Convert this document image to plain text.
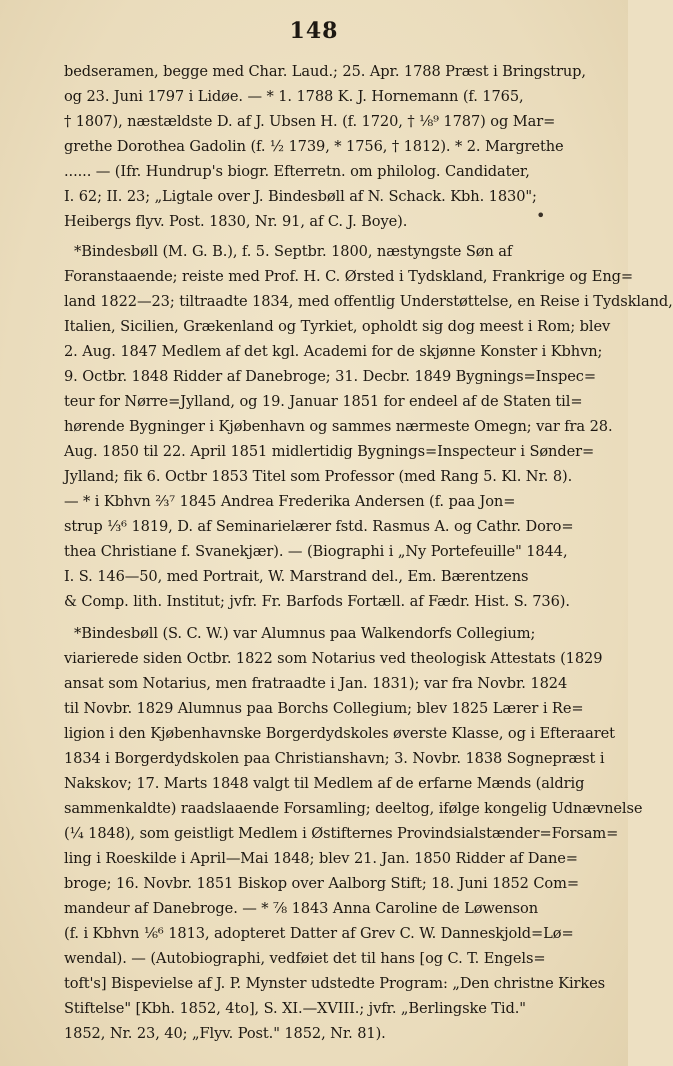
148
bedseramen, begge med Char. Laud.; 25. Apr. 1788 Præst i Bringstrup,
og 23. Juni 1797 i Lidøe. — * 1. 1788 K. J. Hornemann (f. 1765,
† 1807), næstældste D. af J. Ubsen H. (f. 1720, † ⅛⁹ 1787) og Mar=
grethe Dorothea Gadolin (f. ½ 1739, * 1756, † 1812). * 2. Margrethe
...... — (Ifr. Hundrup's biogr. Efterretn. om philolog. Candidater,
I. 62; II. 23; „Ligtale over J. Bindesbøll af N. Schack. Kbh. 1830";
Heibergs flyv. Post. 1830, Nr. 91, af C. J. Boye).
*Bindesbøll (M. G. B.), f. 5. Septbr. 1800, næstyngste Søn af
Foranstaaende; reiste med Prof. H. C. Ørsted i Tydskland, Frankrige og Eng=
land 1822—23; tiltraadte 1834, med offentlig Understøttelse, en Reise i Tydskland,
Italien, Sicilien, Grækenland og Tyrkiet, opholdt sig dog meest i Rom; blev
2. Aug. 1847 Medlem af det kgl. Academi for de skjønne Konster i Kbhvn;
9. Octbr. 1848 Ridder af Danebroge; 31. Decbr. 1849 Bygnings=Inspec=
teur for Nørre=Jylland, og 19. Januar 1851 for endeel af de Staten til=
hørende Bygninger i Kjøbenhavn og sammes nærmeste Omegn; var fra 28.
Aug. 1850 til 22. April 1851 midlertidig Bygnings=Inspecteur i Sønder=
Jylland; fik 6. Octbr 1853 Titel som Professor (med Rang 5. Kl. Nr. 8).
— * i Kbhvn ⅔⁷ 1845 Andrea Frederika Andersen (f. paa Jon=
strup ⅓⁶ 1819, D. af Seminarielærer fstd. Rasmus A. og Cathr. Doro=
thea Christiane f. Svanekjær). — (Biographi i „Ny Portefeuille" 1844,
I. S. 146—50, med Portrait, W. Marstrand del., Em. Bærentzens
& Comp. lith. Institut; jvfr. Fr. Barfods Fortæll. af Fædr. Hist. S. 736).
*Bindesbøll (S. C. W.) var Alumnus paa Walkendorfs Collegium;
viarierede siden Octbr. 1822 som Notarius ved theologisk Attestats (1829
ansat som Notarius, men fratraadte i Jan. 1831); var fra Novbr. 1824
til Novbr. 1829 Alumnus paa Borchs Collegium; blev 1825 Lærer i Re=
ligion i den Kjøbenhavnske Borgerdydskoles øverste Klasse, og i Efteraaret
1834 i Borgerdydskolen paa Christianshavn; 3. Novbr. 1838 Sognepræst i
Nakskov; 17. Marts 1848 valgt til Medlem af de erfarne Mænds (aldrig
sammenkaldte) raadslaaende Forsamling; deeltog, ifølge kongelig Udnævnelse
(¼ 1848), som geistligt Medlem i Østifternes Provindsialstænder=Forsam=
ling i Roeskilde i April—Mai 1848; blev 21. Jan. 1850 Ridder af Dane=
broge; 16. Novbr. 1851 Biskop over Aalborg Stift; 18. Juni 1852 Com=
mandeur af Danebroge. — * ⅞ 1843 Anna Caroline de Løwenson
(f. i Kbhvn ⅙⁶ 1813, adopteret Datter af Grev C. W. Danneskjold=Lø=
wendal). — (Autobiographi, vedføiet det til hans [og C. T. Engels=
toft's] Bispevielse af J. P. Mynster udstedte Program: „Den christne Kirkes
Stiftelse" [Kbh. 1852, 4to], S. XI.—XVIII.; jvfr. „Berlingske Tid."
1852, Nr. 23, 40; „Flyv. Post." 1852, Nr. 81).
•
